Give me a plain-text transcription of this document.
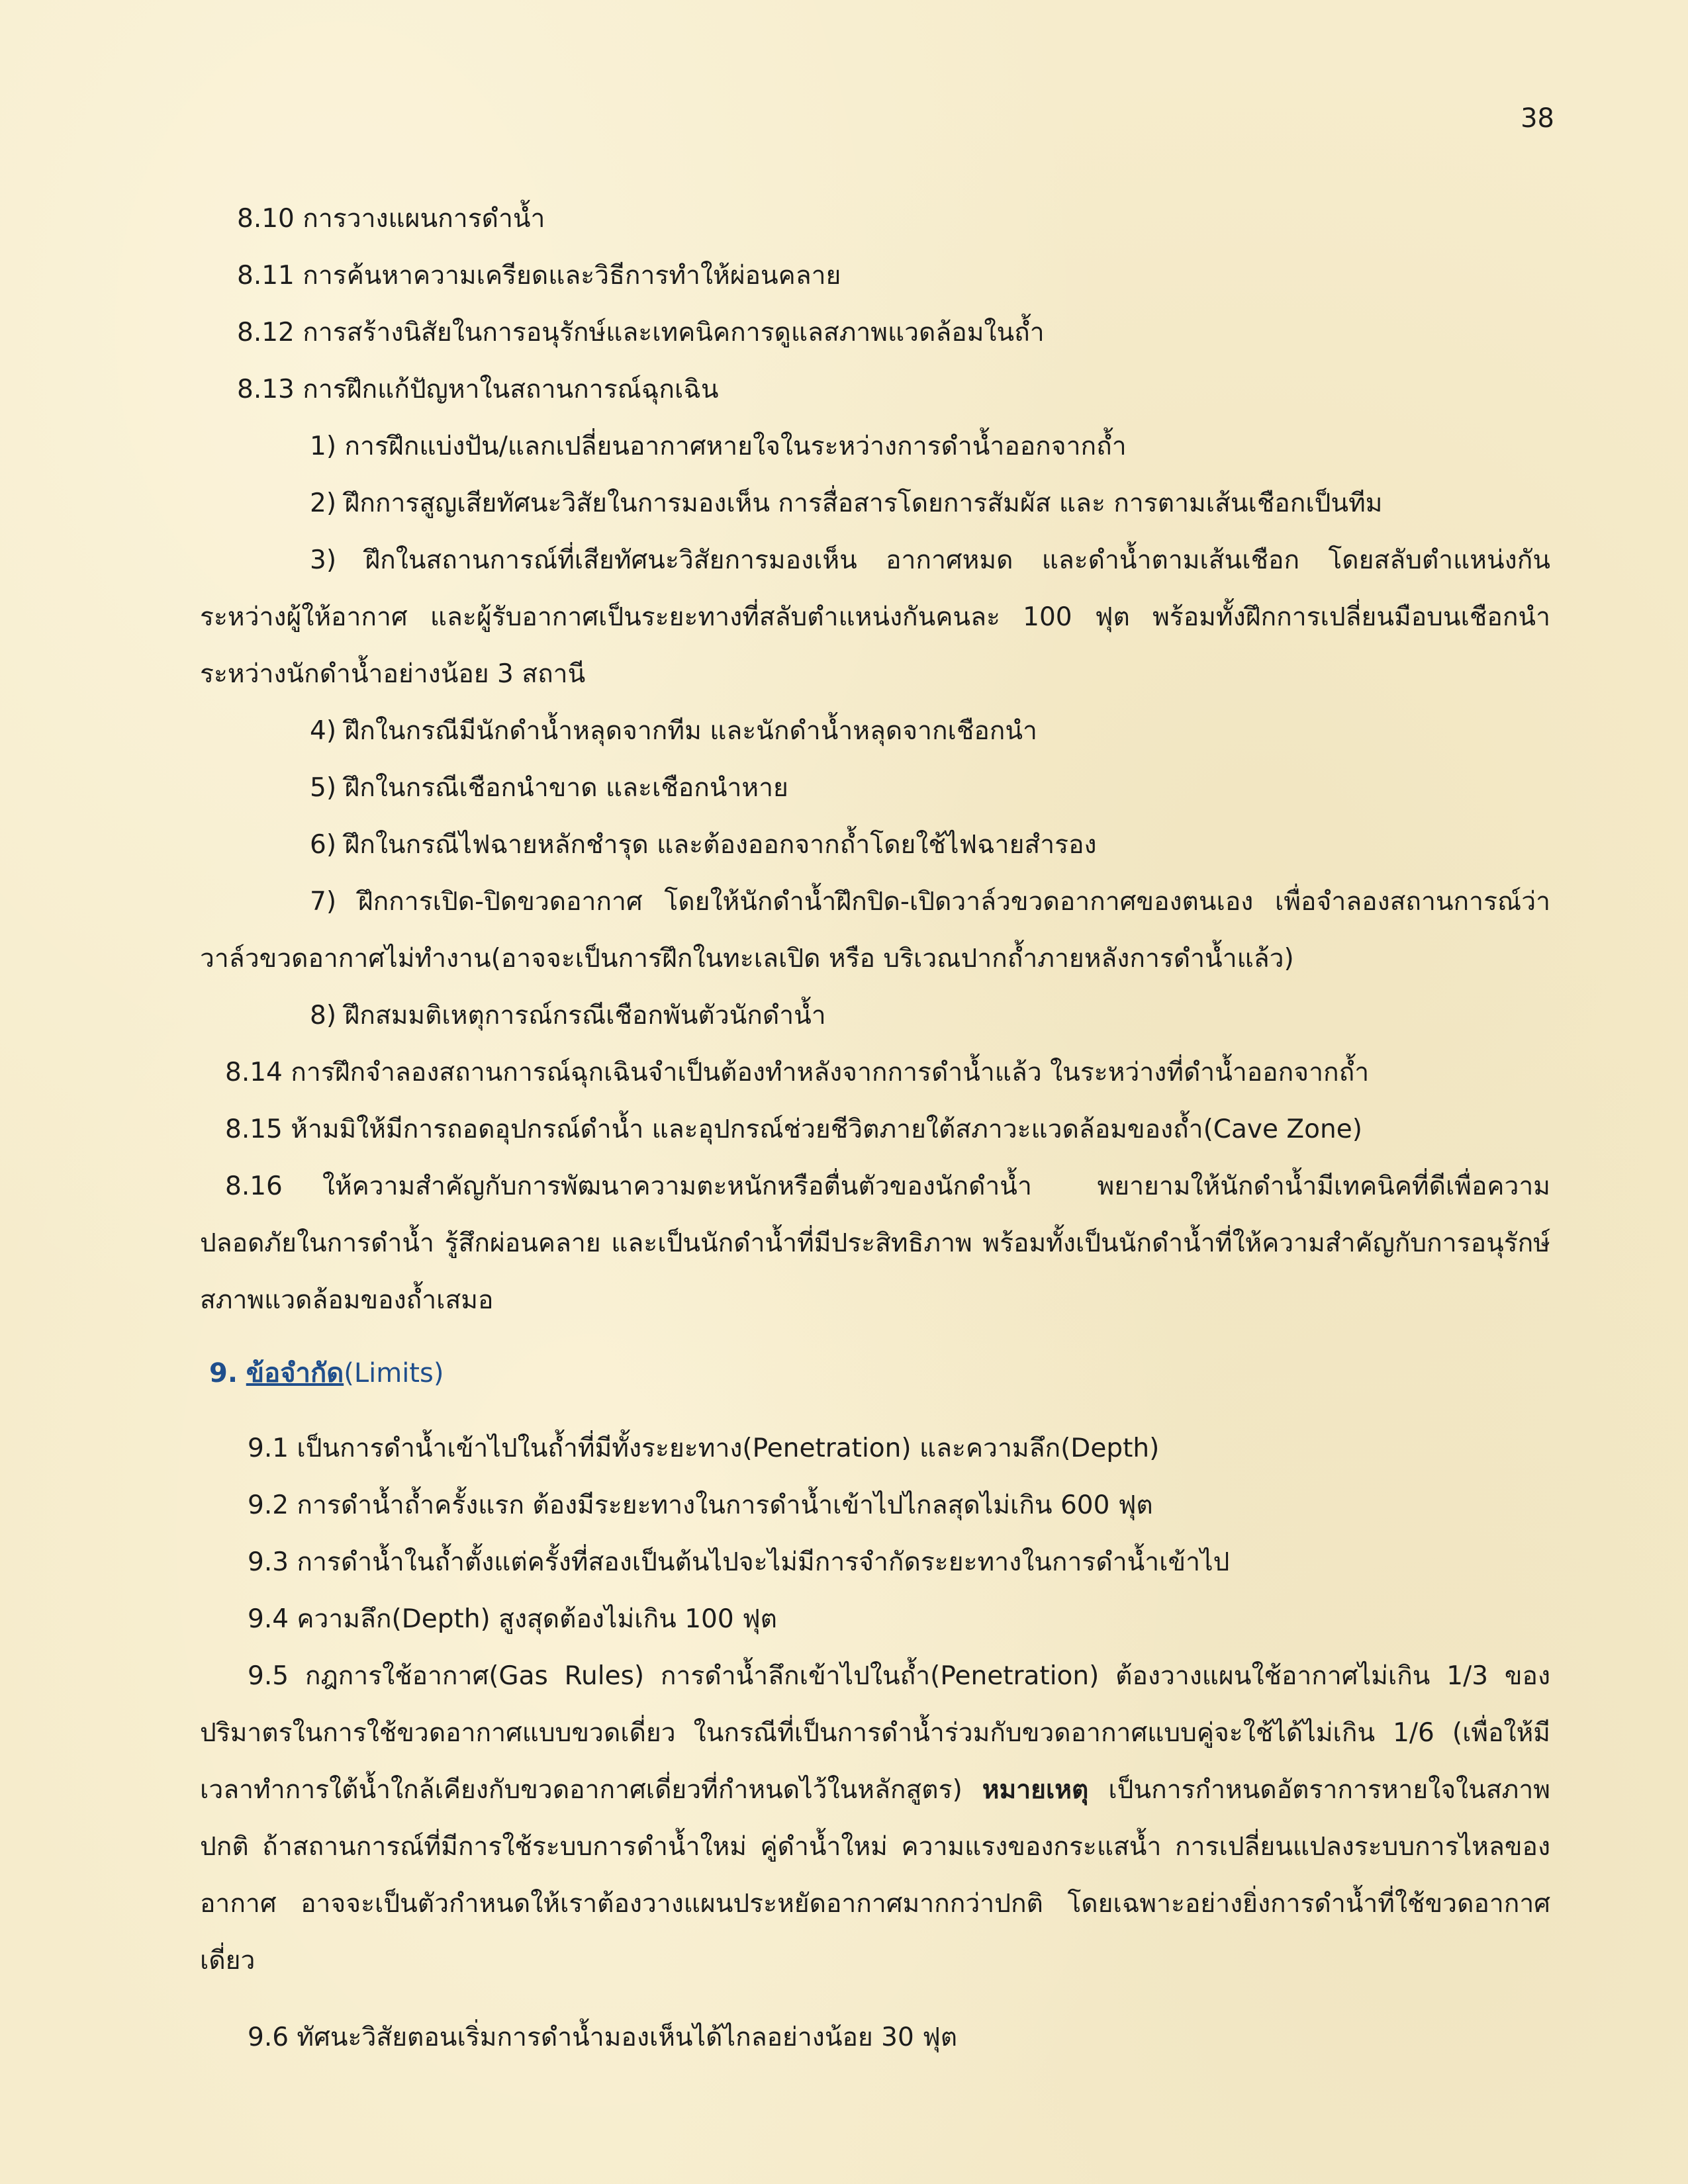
38

8.10 การวางแผนการดำน้ำ

8.11 การค้นหาความเครียดและวิธีการทำให้ผ่อนคลาย

8.12 การสร้างนิสัยในการอนุรักษ์และเทคนิคการดูแลสภาพแวดล้อมในถ้ำ

8.13 การฝึกแก้ปัญหาในสถานการณ์ฉุกเฉิน

1) การฝึกแบ่งปัน/แลกเปลี่ยนอากาศหายใจในระหว่างการดำน้ำออกจากถ้ำ

2) ฝึกการสูญเสียทัศนะวิสัยในการมองเห็น การสื่อสารโดยการสัมผัส และ การตามเส้นเชือกเป็นทีม

3) ฝึกในสถานการณ์ที่เสียทัศนะวิสัยการมองเห็น อากาศหมด และดำน้ำตามเส้นเชือก โดยสลับตำแหน่งกันระหว่างผู้ให้อากาศ และผู้รับอากาศเป็นระยะทางที่สลับตำแหน่งกันคนละ 100 ฟุต พร้อมทั้งฝึกการเปลี่ยนมือบนเชือกนำระหว่างนักดำน้ำอย่างน้อย 3 สถานี

4) ฝึกในกรณีมีนักดำน้ำหลุดจากทีม และนักดำน้ำหลุดจากเชือกนำ

5) ฝึกในกรณีเชือกนำขาด และเชือกนำหาย

6) ฝึกในกรณีไฟฉายหลักชำรุด และต้องออกจากถ้ำโดยใช้ไฟฉายสำรอง

7) ฝึกการเปิด-ปิดขวดอากาศ โดยให้นักดำน้ำฝึกปิด-เปิดวาล์วขวดอากาศของตนเอง เพื่อจำลองสถานการณ์ว่าวาล์วขวดอากาศไม่ทำงาน(อาจจะเป็นการฝึกในทะเลเปิด หรือ บริเวณปากถ้ำภายหลังการดำน้ำแล้ว)

8) ฝึกสมมติเหตุการณ์กรณีเชือกพันตัวนักดำน้ำ

8.14 การฝึกจำลองสถานการณ์ฉุกเฉินจำเป็นต้องทำหลังจากการดำน้ำแล้ว ในระหว่างที่ดำน้ำออกจากถ้ำ

8.15 ห้ามมิให้มีการถอดอุปกรณ์ดำน้ำ และอุปกรณ์ช่วยชีวิตภายใต้สภาวะแวดล้อมของถ้ำ(Cave Zone)

8.16 ให้ความสำคัญกับการพัฒนาความตะหนักหรือตื่นตัวของนักดำน้ำ พยายามให้นักดำน้ำมีเทคนิคที่ดีเพื่อความปลอดภัยในการดำน้ำ รู้สึกผ่อนคลาย และเป็นนักดำน้ำที่มีประสิทธิภาพ พร้อมทั้งเป็นนักดำน้ำที่ให้ความสำคัญกับการอนุรักษ์สภาพแวดล้อมของถ้ำเสมอ

9. ข้อจำกัด(Limits)

9.1 เป็นการดำน้ำเข้าไปในถ้ำที่มีทั้งระยะทาง(Penetration) และความลึก(Depth)

9.2 การดำน้ำถ้ำครั้งแรก ต้องมีระยะทางในการดำน้ำเข้าไปไกลสุดไม่เกิน 600 ฟุต

9.3 การดำน้ำในถ้ำตั้งแต่ครั้งที่สองเป็นต้นไปจะไม่มีการจำกัดระยะทางในการดำน้ำเข้าไป

9.4 ความลึก(Depth) สูงสุดต้องไม่เกิน 100 ฟุต

9.5 กฎการใช้อากาศ(Gas Rules) การดำน้ำลึกเข้าไปในถ้ำ(Penetration) ต้องวางแผนใช้อากาศไม่เกิน 1/3 ของปริมาตรในการใช้ขวดอากาศแบบขวดเดี่ยว ในกรณีที่เป็นการดำน้ำร่วมกับขวดอากาศแบบคู่จะใช้ได้ไม่เกิน 1/6 (เพื่อให้มีเวลาทำการใต้น้ำใกล้เคียงกับขวดอากาศเดี่ยวที่กำหนดไว้ในหลักสูตร) หมายเหตุ เป็นการกำหนดอัตราการหายใจในสภาพปกติ ถ้าสถานการณ์ที่มีการใช้ระบบการดำน้ำใหม่ คู่ดำน้ำใหม่ ความแรงของกระแสน้ำ การเปลี่ยนแปลงระบบการไหลของอากาศ อาจจะเป็นตัวกำหนดให้เราต้องวางแผนประหยัดอากาศมากกว่าปกติ โดยเฉพาะอย่างยิ่งการดำน้ำที่ใช้ขวดอากาศเดี่ยว

9.6 ทัศนะวิสัยตอนเริ่มการดำน้ำมองเห็นได้ไกลอย่างน้อย 30 ฟุต
